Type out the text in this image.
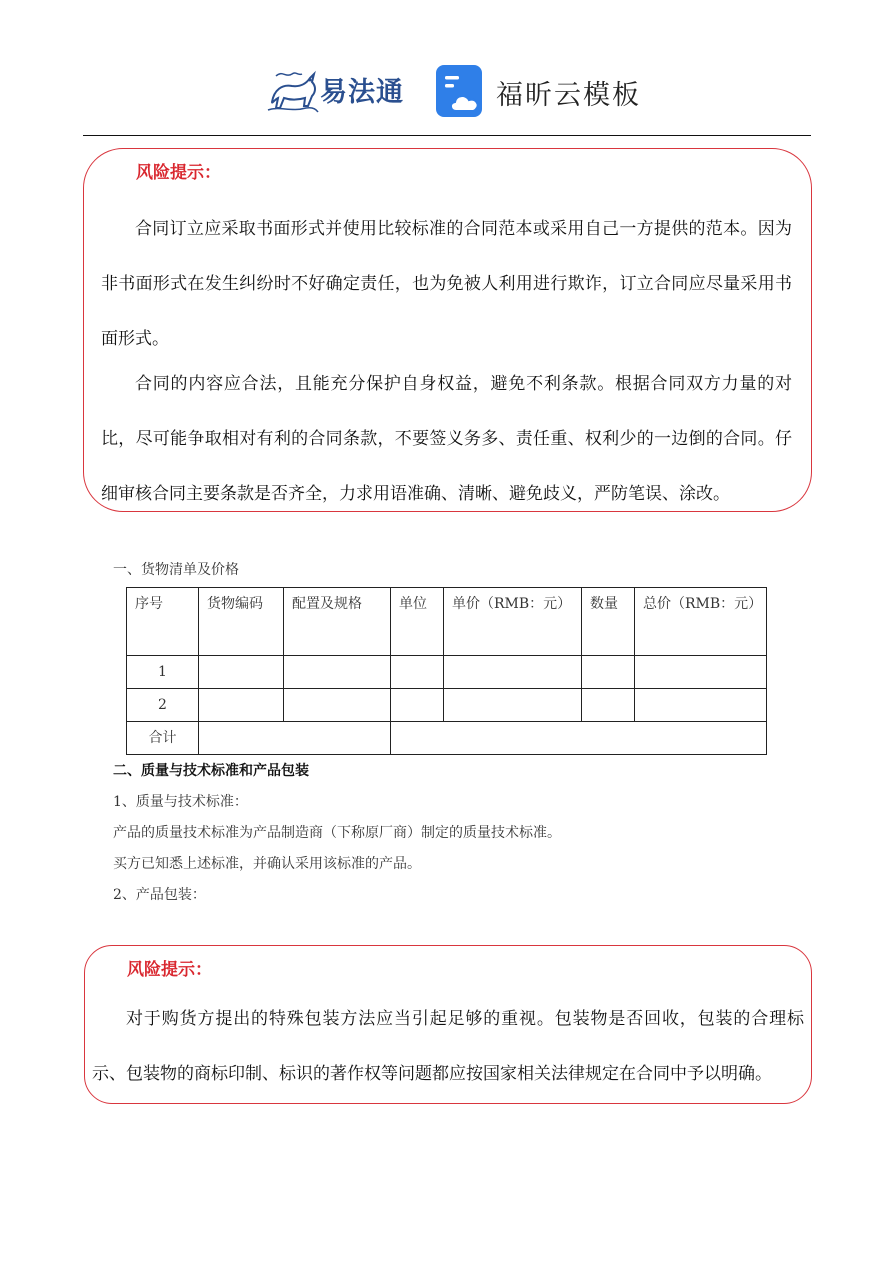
易法通	福昕云模板
风险提示：

合同订立应采取书面形式并使用比较标准的合同范本或采用自己一方提供的范本。因为非书面形式在发生纠纷时不好确定责任，也为免被人利用进行欺诈，订立合同应尽量采用书面形式。

合同的内容应合法，且能充分保护自身权益，避免不利条款。根据合同双方力量的对比，尽可能争取相对有利的合同条款，不要签义务多、责任重、权利少的一边倒的合同。仔细审核合同主要条款是否齐全，力求用语准确、清晰、避免歧义，严防笔误、涂改。

一、货物清单及价格
序号	货物编码	配置及规格	单位	单价（RMB：元）	数量	总价（RMB：元）
1						
2						
合计						
二、质量与技术标准和产品包装
1、质量与技术标准：
产品的质量技术标准为产品制造商（下称原厂商）制定的质量技术标准。
买方已知悉上述标准，并确认采用该标准的产品。
2、产品包装：
风险提示：

对于购货方提出的特殊包装方法应当引起足够的重视。包装物是否回收，包装的合理标示、包装物的商标印制、标识的著作权等问题都应按国家相关法律规定在合同中予以明确。
